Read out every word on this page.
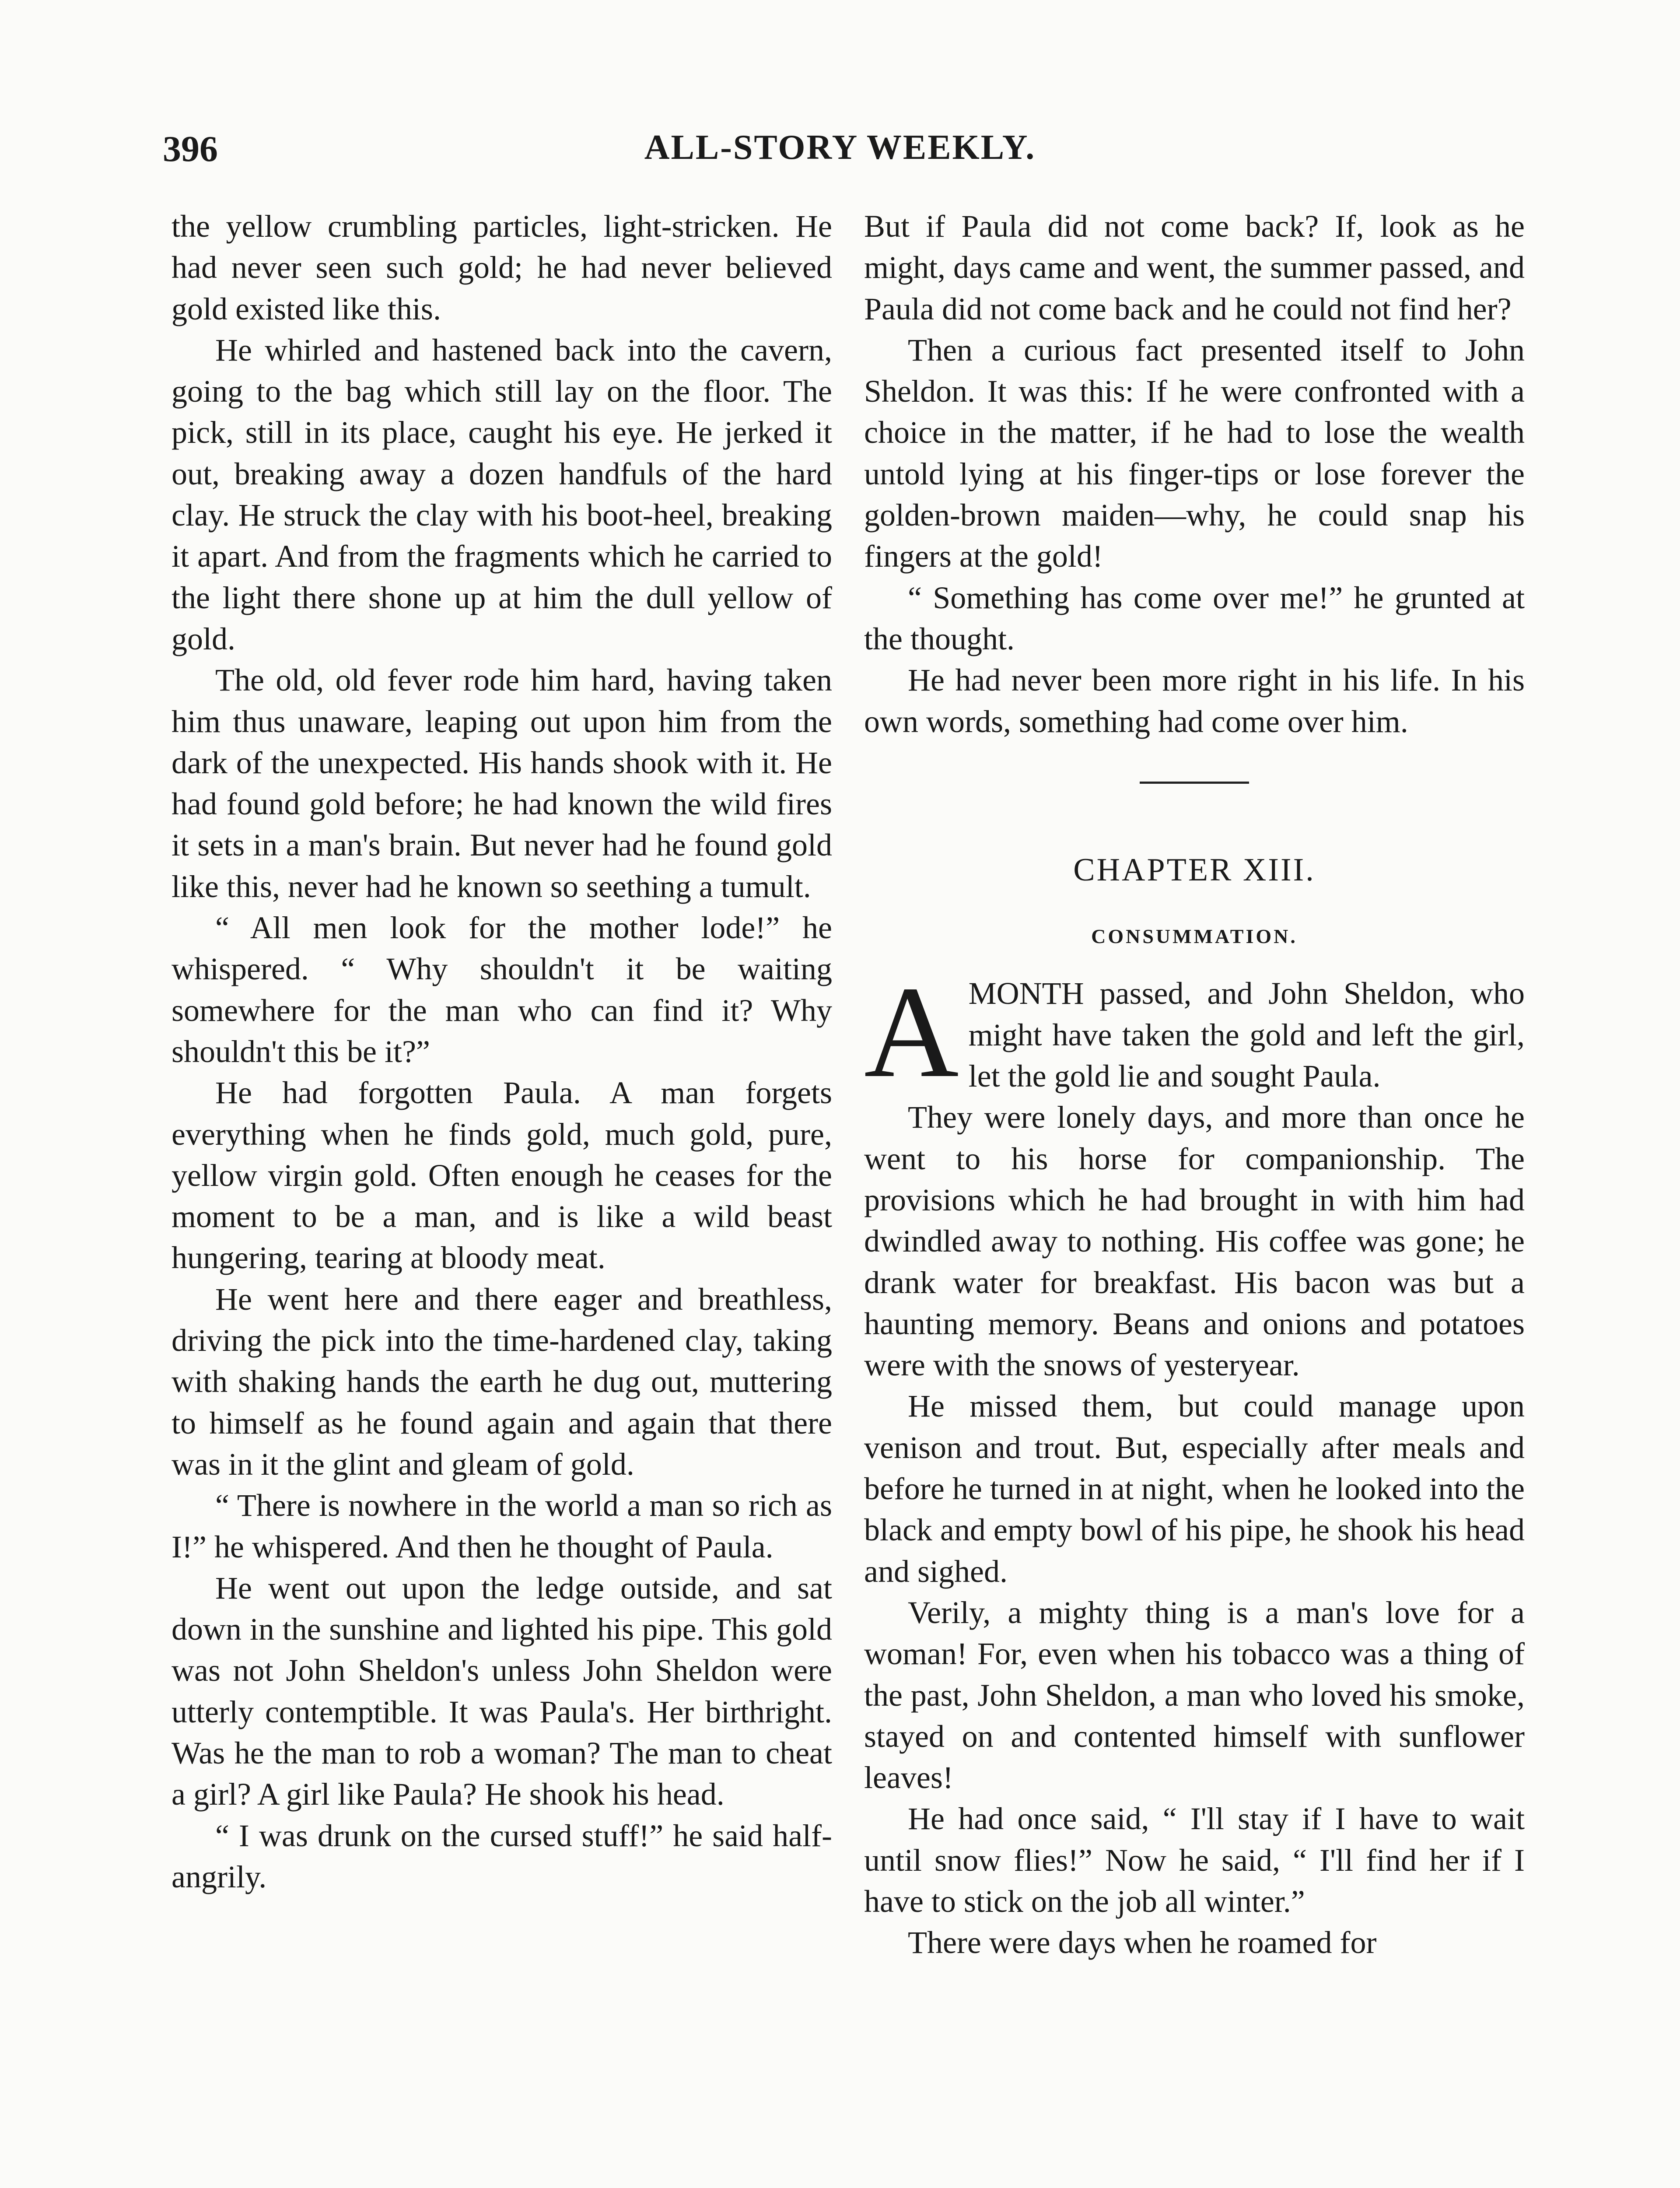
396	ALL-STORY WEEKLY.

the yellow crumbling particles, light-stricken. He had never seen such gold; he had never believed gold existed like this.

He whirled and hastened back into the cavern, going to the bag which still lay on the floor. The pick, still in its place, caught his eye. He jerked it out, breaking away a dozen handfuls of the hard clay. He struck the clay with his boot-heel, breaking it apart. And from the fragments which he carried to the light there shone up at him the dull yellow of gold.

The old, old fever rode him hard, having taken him thus unaware, leaping out upon him from the dark of the unexpected. His hands shook with it. He had found gold before; he had known the wild fires it sets in a man's brain. But never had he found gold like this, never had he known so seething a tumult.

“ All men look for the mother lode!” he whispered. “ Why shouldn't it be waiting somewhere for the man who can find it? Why shouldn't this be it?”

He had forgotten Paula. A man forgets everything when he finds gold, much gold, pure, yellow virgin gold. Often enough he ceases for the moment to be a man, and is like a wild beast hungering, tearing at bloody meat.

He went here and there eager and breathless, driving the pick into the time-hardened clay, taking with shaking hands the earth he dug out, muttering to himself as he found again and again that there was in it the glint and gleam of gold.

“ There is nowhere in the world a man so rich as I!” he whispered. And then he thought of Paula.

He went out upon the ledge outside, and sat down in the sunshine and lighted his pipe. This gold was not John Sheldon's unless John Sheldon were utterly contemptible. It was Paula's. Her birthright. Was he the man to rob a woman? The man to cheat a girl? A girl like Paula? He shook his head.

“ I was drunk on the cursed stuff!” he said half-angrily.

But if Paula did not come back? If, look as he might, days came and went, the summer passed, and Paula did not come back and he could not find her?

Then a curious fact presented itself to John Sheldon. It was this: If he were confronted with a choice in the matter, if he had to lose the wealth untold lying at his finger-tips or lose forever the golden-brown maiden—why, he could snap his fingers at the gold!

“ Something has come over me!” he grunted at the thought.

He had never been more right in his life. In his own words, something had come over him.

CHAPTER XIII.
CONSUMMATION.

AMONTH passed, and John Sheldon, who might have taken the gold and left the girl, let the gold lie and sought Paula.

They were lonely days, and more than once he went to his horse for companionship. The provisions which he had brought in with him had dwindled away to nothing. His coffee was gone; he drank water for breakfast. His bacon was but a haunting memory. Beans and onions and potatoes were with the snows of yesteryear.

He missed them, but could manage upon venison and trout. But, especially after meals and before he turned in at night, when he looked into the black and empty bowl of his pipe, he shook his head and sighed.

Verily, a mighty thing is a man's love for a woman! For, even when his tobacco was a thing of the past, John Sheldon, a man who loved his smoke, stayed on and contented himself with sunflower leaves!

He had once said, “ I'll stay if I have to wait until snow flies!” Now he said, “ I'll find her if I have to stick on the job all winter.”

There were days when he roamed for
